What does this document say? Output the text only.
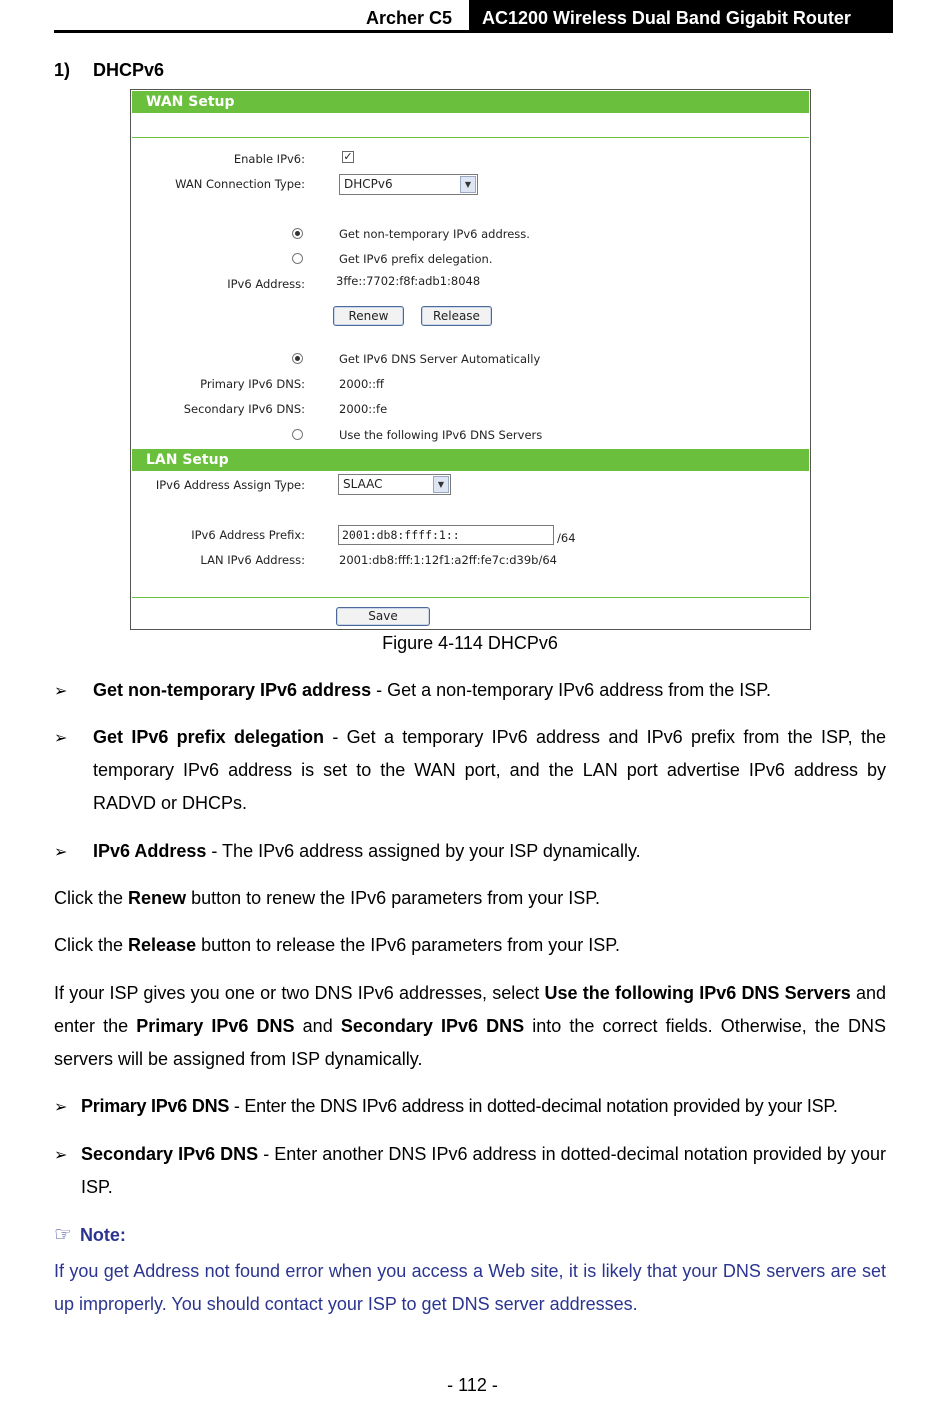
Archer C5	AC1200 Wireless Dual Band Gigabit Router
1) DHCPv6
WAN Setup
Enable IPv6:	✓
WAN Connection Type:	DHCPv6	▼
Get non-temporary IPv6 address.
Get IPv6 prefix delegation.
IPv6 Address:	3ffe::7702:f8f:adb1:8048
Renew	Release
Get IPv6 DNS Server Automatically
Primary IPv6 DNS:	2000::ff
Secondary IPv6 DNS:	2000::fe
Use the following IPv6 DNS Servers
LAN Setup
IPv6 Address Assign Type:	SLAAC	▼
IPv6 Address Prefix:	2001:db8:ffff:1::	/64
LAN IPv6 Address:	2001:db8:fff:1:12f1:a2ff:fe7c:d39b/64
Save
Figure 4-114 DHCPv6
➢ Get non-temporary IPv6 address - Get a non-temporary IPv6 address from the ISP.
➢ Get IPv6 prefix delegation - Get a temporary IPv6 address and IPv6 prefix from the ISP, the temporary IPv6 address is set to the WAN port, and the LAN port advertise IPv6 address by RADVD or DHCPs.
➢ IPv6 Address - The IPv6 address assigned by your ISP dynamically.
Click the Renew button to renew the IPv6 parameters from your ISP.
Click the Release button to release the IPv6 parameters from your ISP.
If your ISP gives you one or two DNS IPv6 addresses, select Use the following IPv6 DNS Servers and enter the Primary IPv6 DNS and Secondary IPv6 DNS into the correct fields. Otherwise, the DNS servers will be assigned from ISP dynamically.
➢ Primary IPv6 DNS - Enter the DNS IPv6 address in dotted-decimal notation provided by your ISP.
➢ Secondary IPv6 DNS - Enter another DNS IPv6 address in dotted-decimal notation provided by your ISP.
☞ Note:
If you get Address not found error when you access a Web site, it is likely that your DNS servers are set up improperly. You should contact your ISP to get DNS server addresses.
- 112 -
